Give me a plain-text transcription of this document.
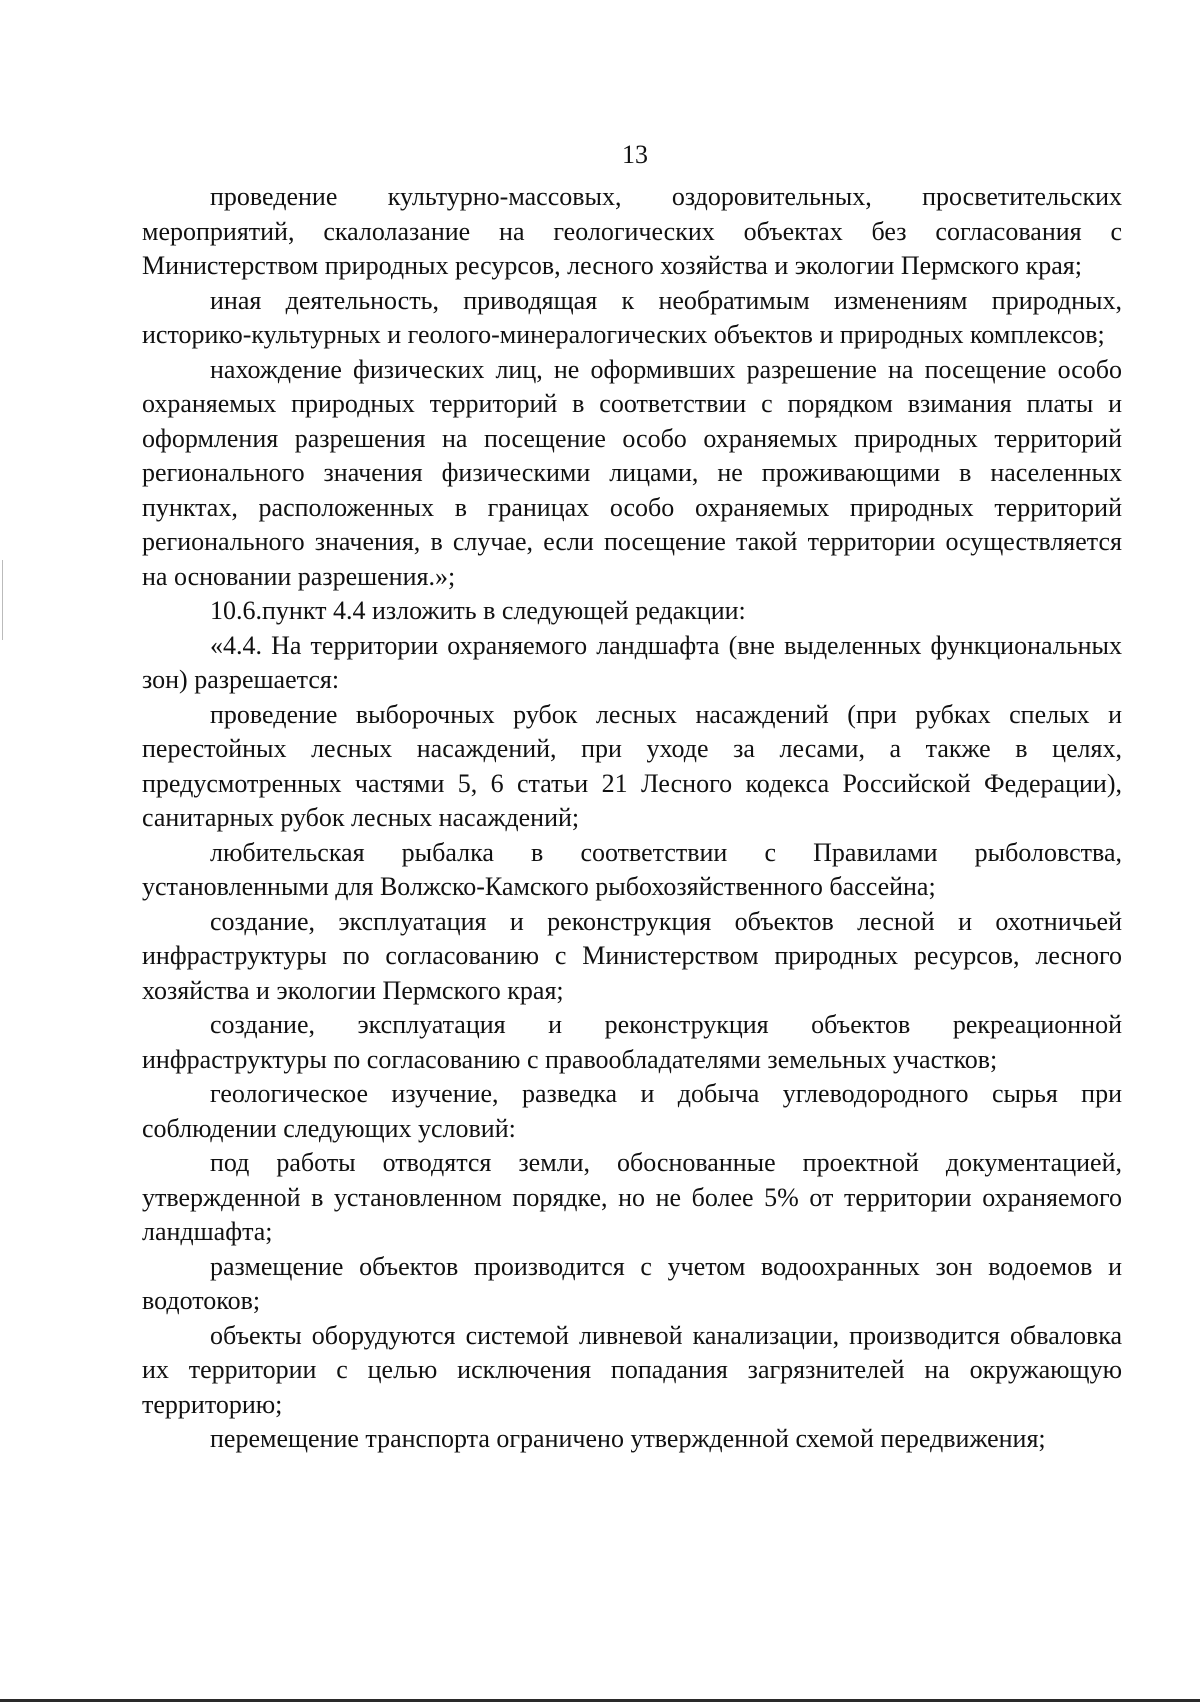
13

проведение культурно-массовых, оздоровительных, просветительских мероприятий, скалолазание на геологических объектах без согласования с Министерством природных ресурсов, лесного хозяйства и экологии Пермского края;

иная деятельность, приводящая к необратимым изменениям природных, историко-культурных и геолого-минералогических объектов и природных комплексов;

нахождение физических лиц, не оформивших разрешение на посещение особо охраняемых природных территорий в соответствии с порядком взимания платы и оформления разрешения на посещение особо охраняемых природных территорий регионального значения физическими лицами, не проживающими в населенных пунктах, расположенных в границах особо охраняемых природных территорий регионального значения, в случае, если посещение такой территории осуществляется на основании разрешения.»;

10.6.пункт 4.4 изложить в следующей редакции:

«4.4. На территории охраняемого ландшафта (вне выделенных функциональных зон) разрешается:

проведение выборочных рубок лесных насаждений (при рубках спелых и перестойных лесных насаждений, при уходе за лесами, а также в целях, предусмотренных частями 5, 6 статьи 21 Лесного кодекса Российской Федерации), санитарных рубок лесных насаждений;

любительская рыбалка в соответствии с Правилами рыболовства, установленными для Волжско-Камского рыбохозяйственного бассейна;

создание, эксплуатация и реконструкция объектов лесной и охотничьей инфраструктуры по согласованию с Министерством природных ресурсов, лесного хозяйства и экологии Пермского края;

создание, эксплуатация и реконструкция объектов рекреационной инфраструктуры по согласованию с правообладателями земельных участков;

геологическое изучение, разведка и добыча углеводородного сырья при соблюдении следующих условий:

под работы отводятся земли, обоснованные проектной документацией, утвержденной в установленном порядке, но не более 5% от территории охраняемого ландшафта;

размещение объектов производится с учетом водоохранных зон водоемов и водотоков;

объекты оборудуются системой ливневой канализации, производится обваловка их территории с целью исключения попадания загрязнителей на окружающую территорию;

перемещение транспорта ограничено утвержденной схемой передвижения;
